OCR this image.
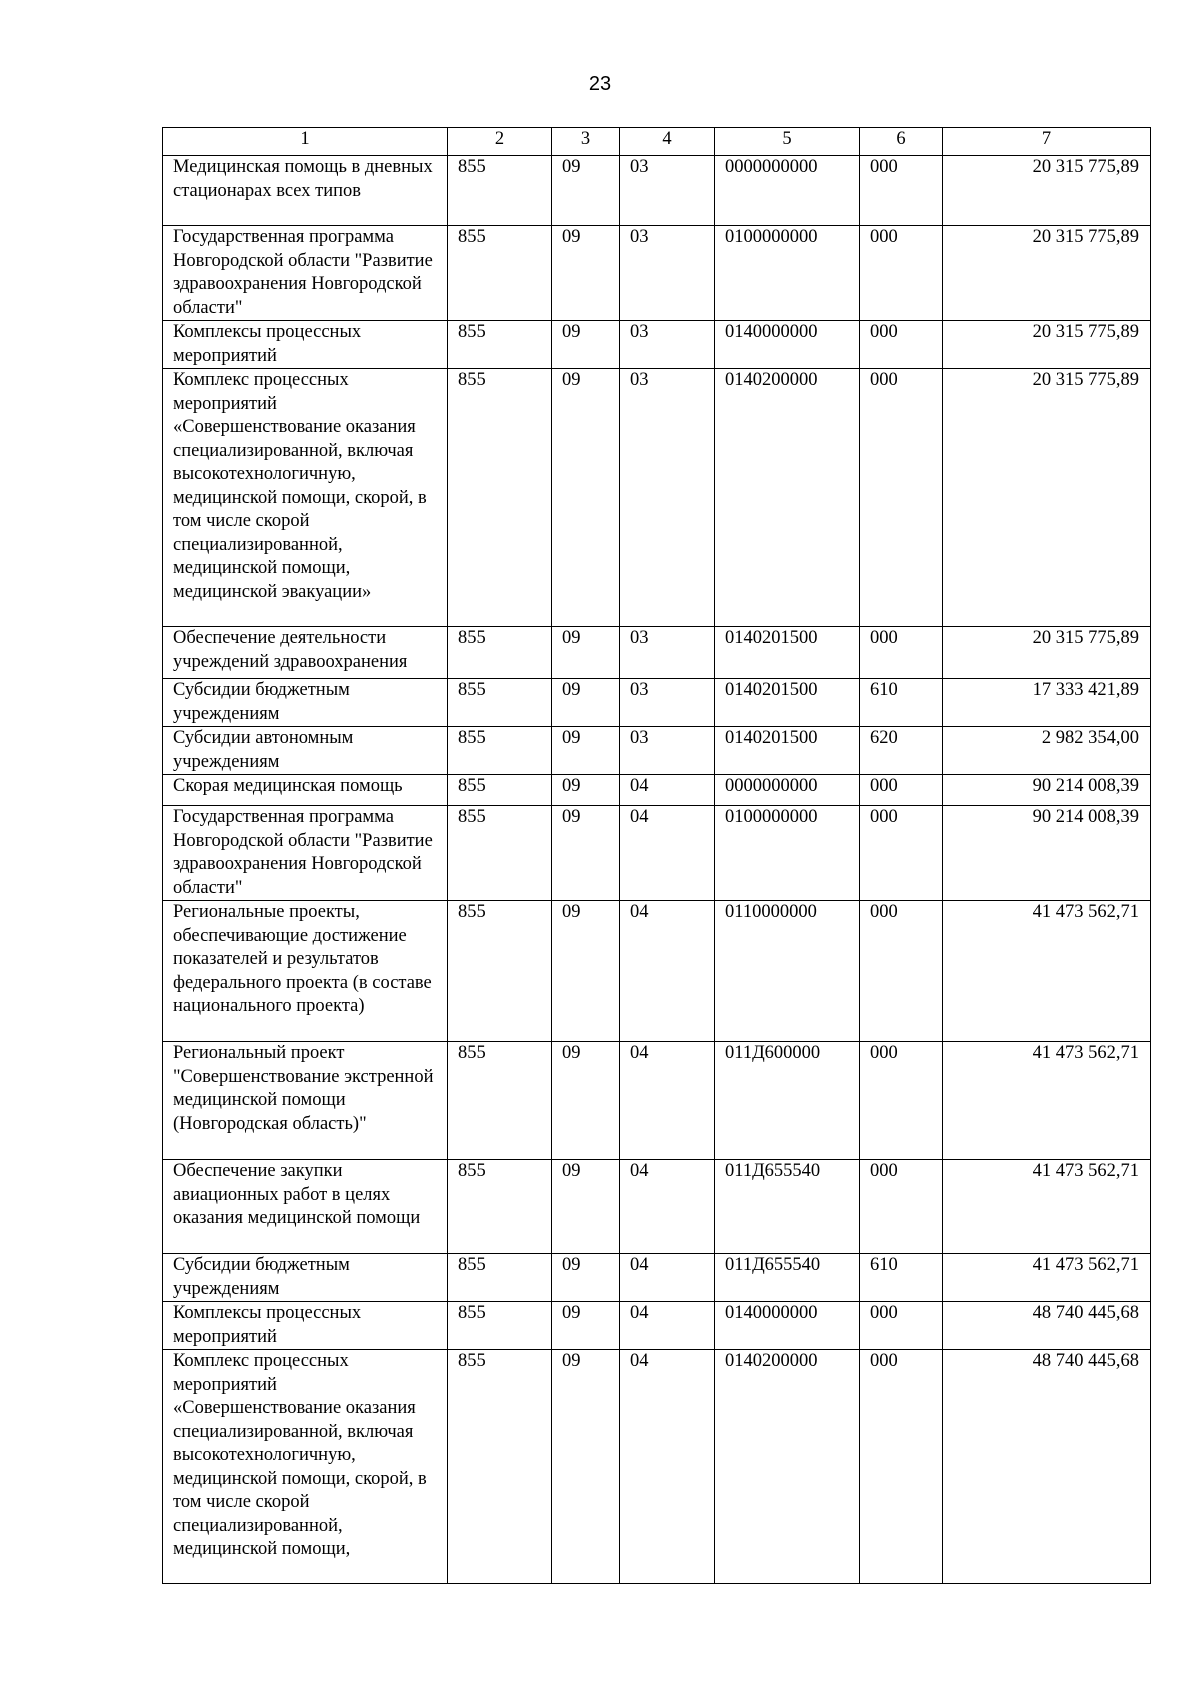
23
1	2	3	4	5	6	7
Медицинская помощь в дневных стационарах всех типов	855	09	03	0000000000	000	20 315 775,89
Государственная программа Новгородской области "Развитие здравоохранения Новгородской области"	855	09	03	0100000000	000	20 315 775,89
Комплексы процессных мероприятий	855	09	03	0140000000	000	20 315 775,89
Комплекс процессных мероприятий «Совершенствование оказания специализированной, включая высокотехнологичную, медицинской помощи, скорой, в том числе скорой специализированной, медицинской помощи, медицинской эвакуации»	855	09	03	0140200000	000	20 315 775,89
Обеспечение деятельности учреждений здравоохранения	855	09	03	0140201500	000	20 315 775,89
Субсидии бюджетным учреждениям	855	09	03	0140201500	610	17 333 421,89
Субсидии автономным учреждениям	855	09	03	0140201500	620	2 982 354,00
Скорая медицинская помощь	855	09	04	0000000000	000	90 214 008,39
Государственная программа Новгородской области "Развитие здравоохранения Новгородской области"	855	09	04	0100000000	000	90 214 008,39
Региональные проекты, обеспечивающие достижение показателей и результатов федерального проекта (в составе национального проекта)	855	09	04	0110000000	000	41 473 562,71
Региональный проект "Совершенствование экстренной медицинской помощи (Новгородская область)"	855	09	04	011Д600000	000	41 473 562,71
Обеспечение закупки авиационных работ в целях оказания медицинской помощи	855	09	04	011Д655540	000	41 473 562,71
Субсидии бюджетным учреждениям	855	09	04	011Д655540	610	41 473 562,71
Комплексы процессных мероприятий	855	09	04	0140000000	000	48 740 445,68
Комплекс процессных мероприятий «Совершенствование оказания специализированной, включая высокотехнологичную, медицинской помощи, скорой, в том числе скорой специализированной, медицинской помощи,	855	09	04	0140200000	000	48 740 445,68
